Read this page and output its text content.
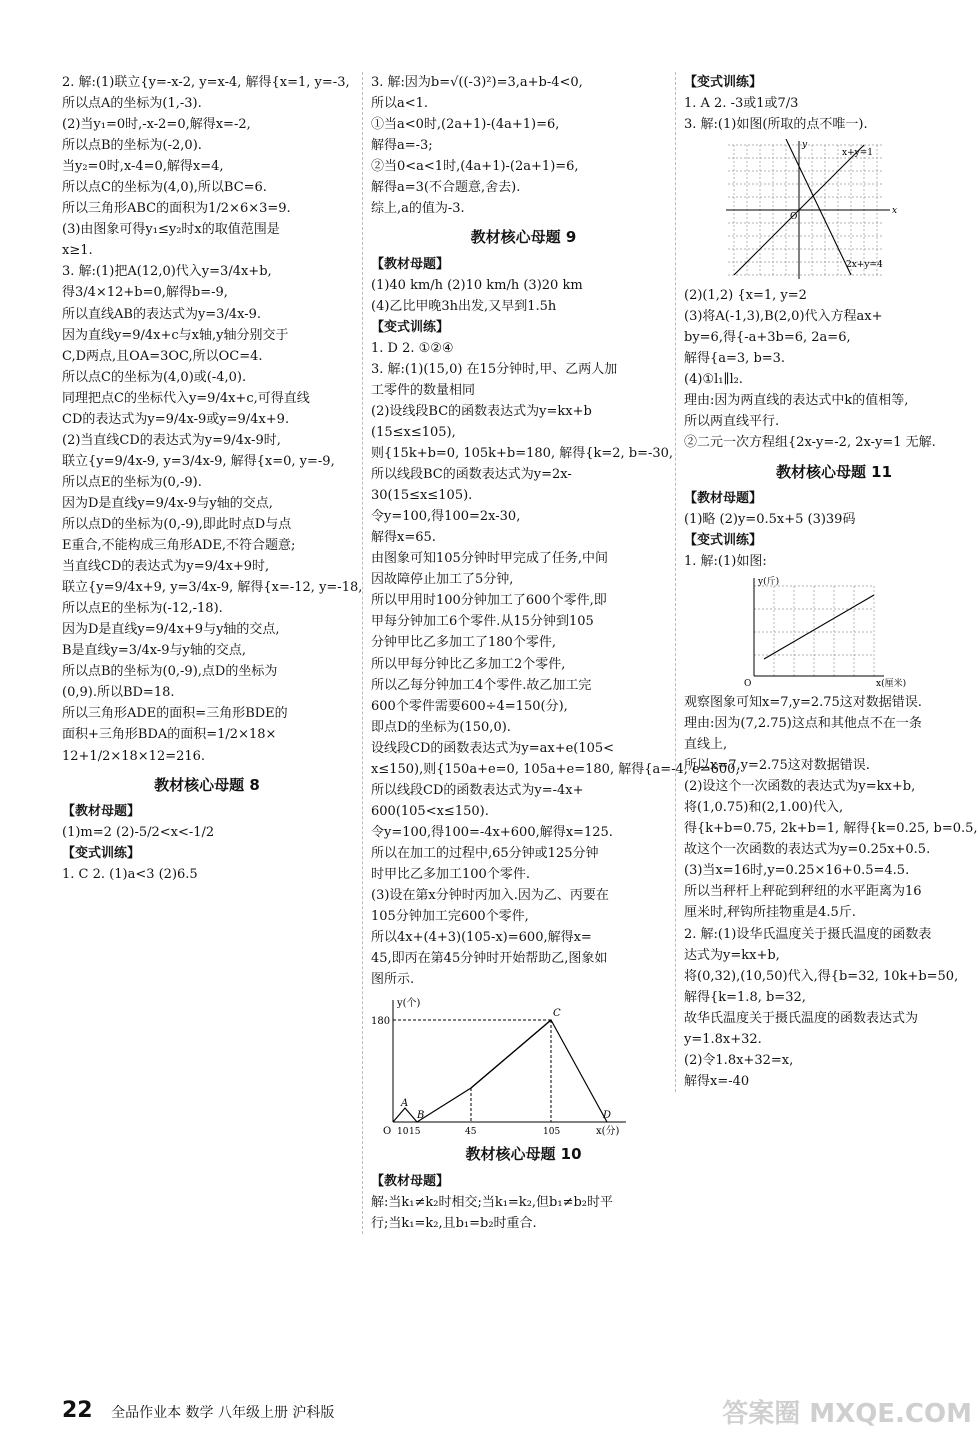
2. 解:(1)联立{y=-x-2, y=x-4, 解得{x=1, y=-3,
所以点A的坐标为(1,-3).
(2)当y₁=0时,-x-2=0,解得x=-2,
所以点B的坐标为(-2,0).
当y₂=0时,x-4=0,解得x=4,
所以点C的坐标为(4,0),所以BC=6.
所以三角形ABC的面积为1/2×6×3=9.
(3)由图象可得y₁≤y₂时x的取值范围是
x≥1.
3. 解:(1)把A(12,0)代入y=3/4x+b,
得3/4×12+b=0,解得b=-9,
所以直线AB的表达式为y=3/4x-9.
因为直线y=9/4x+c与x轴,y轴分别交于
C,D两点,且OA=3OC,所以OC=4.
所以点C的坐标为(4,0)或(-4,0).
同理把点C的坐标代入y=9/4x+c,可得直线
CD的表达式为y=9/4x-9或y=9/4x+9.
(2)当直线CD的表达式为y=9/4x-9时,
联立{y=9/4x-9, y=3/4x-9, 解得{x=0, y=-9,
所以点E的坐标为(0,-9).
因为D是直线y=9/4x-9与y轴的交点,
所以点D的坐标为(0,-9),即此时点D与点
E重合,不能构成三角形ADE,不符合题意;
当直线CD的表达式为y=9/4x+9时,
联立{y=9/4x+9, y=3/4x-9, 解得{x=-12, y=-18,
所以点E的坐标为(-12,-18).
因为D是直线y=9/4x+9与y轴的交点,
B是直线y=3/4x-9与y轴的交点,
所以点B的坐标为(0,-9),点D的坐标为
(0,9).所以BD=18.
所以三角形ADE的面积=三角形BDE的
面积+三角形BDA的面积=1/2×18×
12+1/2×18×12=216.
教材核心母题 8
【教材母题】
(1)m=2 (2)-5/2<x<-1/2
【变式训练】
1. C 2. (1)a<3 (2)6.5
3. 解:因为b=√((-3)²)=3,a+b-4<0,
所以a<1.
①当a<0时,(2a+1)-(4a+1)=6,
解得a=-3;
②当0<a<1时,(4a+1)-(2a+1)=6,
解得a=3(不合题意,舍去).
综上,a的值为-3.
教材核心母题 9
【教材母题】
(1)40 km/h (2)10 km/h (3)20 km
(4)乙比甲晚3h出发,又早到1.5h
【变式训练】
1. D 2. ①②④
3. 解:(1)(15,0) 在15分钟时,甲、乙两人加
工零件的数量相同
(2)设线段BC的函数表达式为y=kx+b
(15≤x≤105),
则{15k+b=0, 105k+b=180, 解得{k=2, b=-30,
所以线段BC的函数表达式为y=2x-
30(15≤x≤105).
令y=100,得100=2x-30,
解得x=65.
由图象可知105分钟时甲完成了任务,中间
因故障停止加工了5分钟,
所以甲用时100分钟加工了600个零件,即
甲每分钟加工6个零件.从15分钟到105
分钟甲比乙多加工了180个零件,
所以甲每分钟比乙多加工2个零件,
所以乙每分钟加工4个零件.故乙加工完
600个零件需要600÷4=150(分),
即点D的坐标为(150,0).
设线段CD的函数表达式为y=ax+e(105<
x≤150),则{150a+e=0, 105a+e=180, 解得{a=-4, e=600,
所以线段CD的函数表达式为y=-4x+
600(105<x≤150).
令y=100,得100=-4x+600,解得x=125.
所以在加工的过程中,65分钟或125分钟
时甲比乙多加工100个零件.
(3)设在第x分钟时丙加入.因为乙、丙要在
105分钟加工完600个零件,
所以4x+(4+3)(105-x)=600,解得x=
45,即丙在第45分钟时开始帮助乙,图象如
图所示.
y(个)
x(分)
180
O 10 15	45	105
A
B
C
D
教材核心母题 10
【教材母题】
解:当k₁≠k₂时相交;当k₁=k₂,但b₁≠b₂时平
行;当k₁=k₂,且b₁=b₂时重合.
【变式训练】
1. A 2. -3或1或7/3
3. 解:(1)如图(所取的点不唯一).
x+y=1
2x+y=4
O
x
y
(2)(1,2) {x=1, y=2
(3)将A(-1,3),B(2,0)代入方程ax+
by=6,得{-a+3b=6, 2a=6,
解得{a=3, b=3.
(4)①l₁∥l₂.
理由:因为两直线的表达式中k的值相等,
所以两直线平行.
②二元一次方程组{2x-y=-2, 2x-y=1 无解.
教材核心母题 11
【教材母题】
(1)略 (2)y=0.5x+5 (3)39码
【变式训练】
1. 解:(1)如图:
y(斤)
x(厘米)
O
观察图象可知x=7,y=2.75这对数据错误.
理由:因为(7,2.75)这点和其他点不在一条
直线上,
所以x=7,y=2.75这对数据错误.
(2)设这个一次函数的表达式为y=kx+b,
将(1,0.75)和(2,1.00)代入,
得{k+b=0.75, 2k+b=1, 解得{k=0.25, b=0.5,
故这个一次函数的表达式为y=0.25x+0.5.
(3)当x=16时,y=0.25×16+0.5=4.5.
所以当秤杆上秤砣到秤纽的水平距离为16
厘米时,秤钩所挂物重是4.5斤.
2. 解:(1)设华氏温度关于摄氏温度的函数表
达式为y=kx+b,
将(0,32),(10,50)代入,得{b=32, 10k+b=50,
解得{k=1.8, b=32,
故华氏温度关于摄氏温度的函数表达式为
y=1.8x+32.
(2)令1.8x+32=x,
解得x=-40
22 全品作业本 数学 八年级上册 沪科版	答案圈 MXQE.COM
